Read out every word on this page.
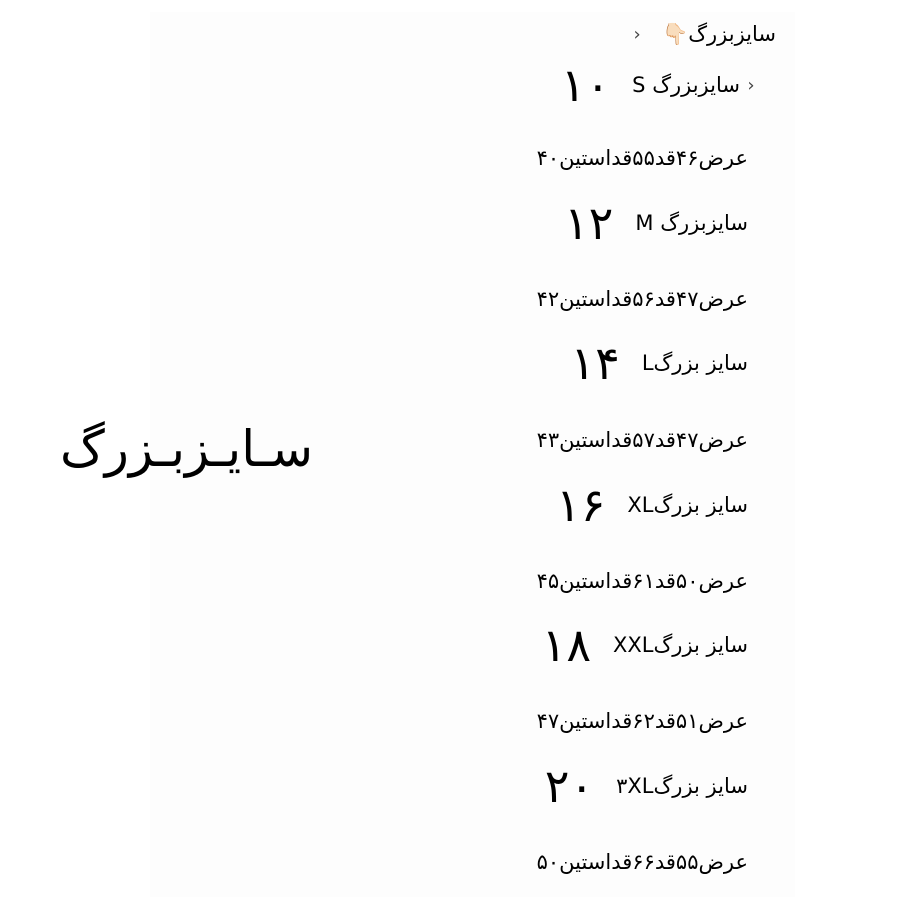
سایزبزرگ👇🏻
‹
سایزبزرگ S ‹
۱۰
عرض۴۶قد۵۵قداستین۴۰
سایزبزرگ M
۱۲
عرض۴۷قد۵۶قداستین۴۲
سایز بزرگL
۱۴
عرض۴۷قد۵۷قداستین۴۳
سایز بزرگXL
۱۶
عرض۵۰قد۶۱قداستین۴۵
سایز بزرگXXL
۱۸
عرض۵۱قد۶۲قداستین۴۷
سایز بزرگ۳XL
۲۰
عرض۵۵قد۶۶قداستین۵۰
سـایـزبـزرگ
